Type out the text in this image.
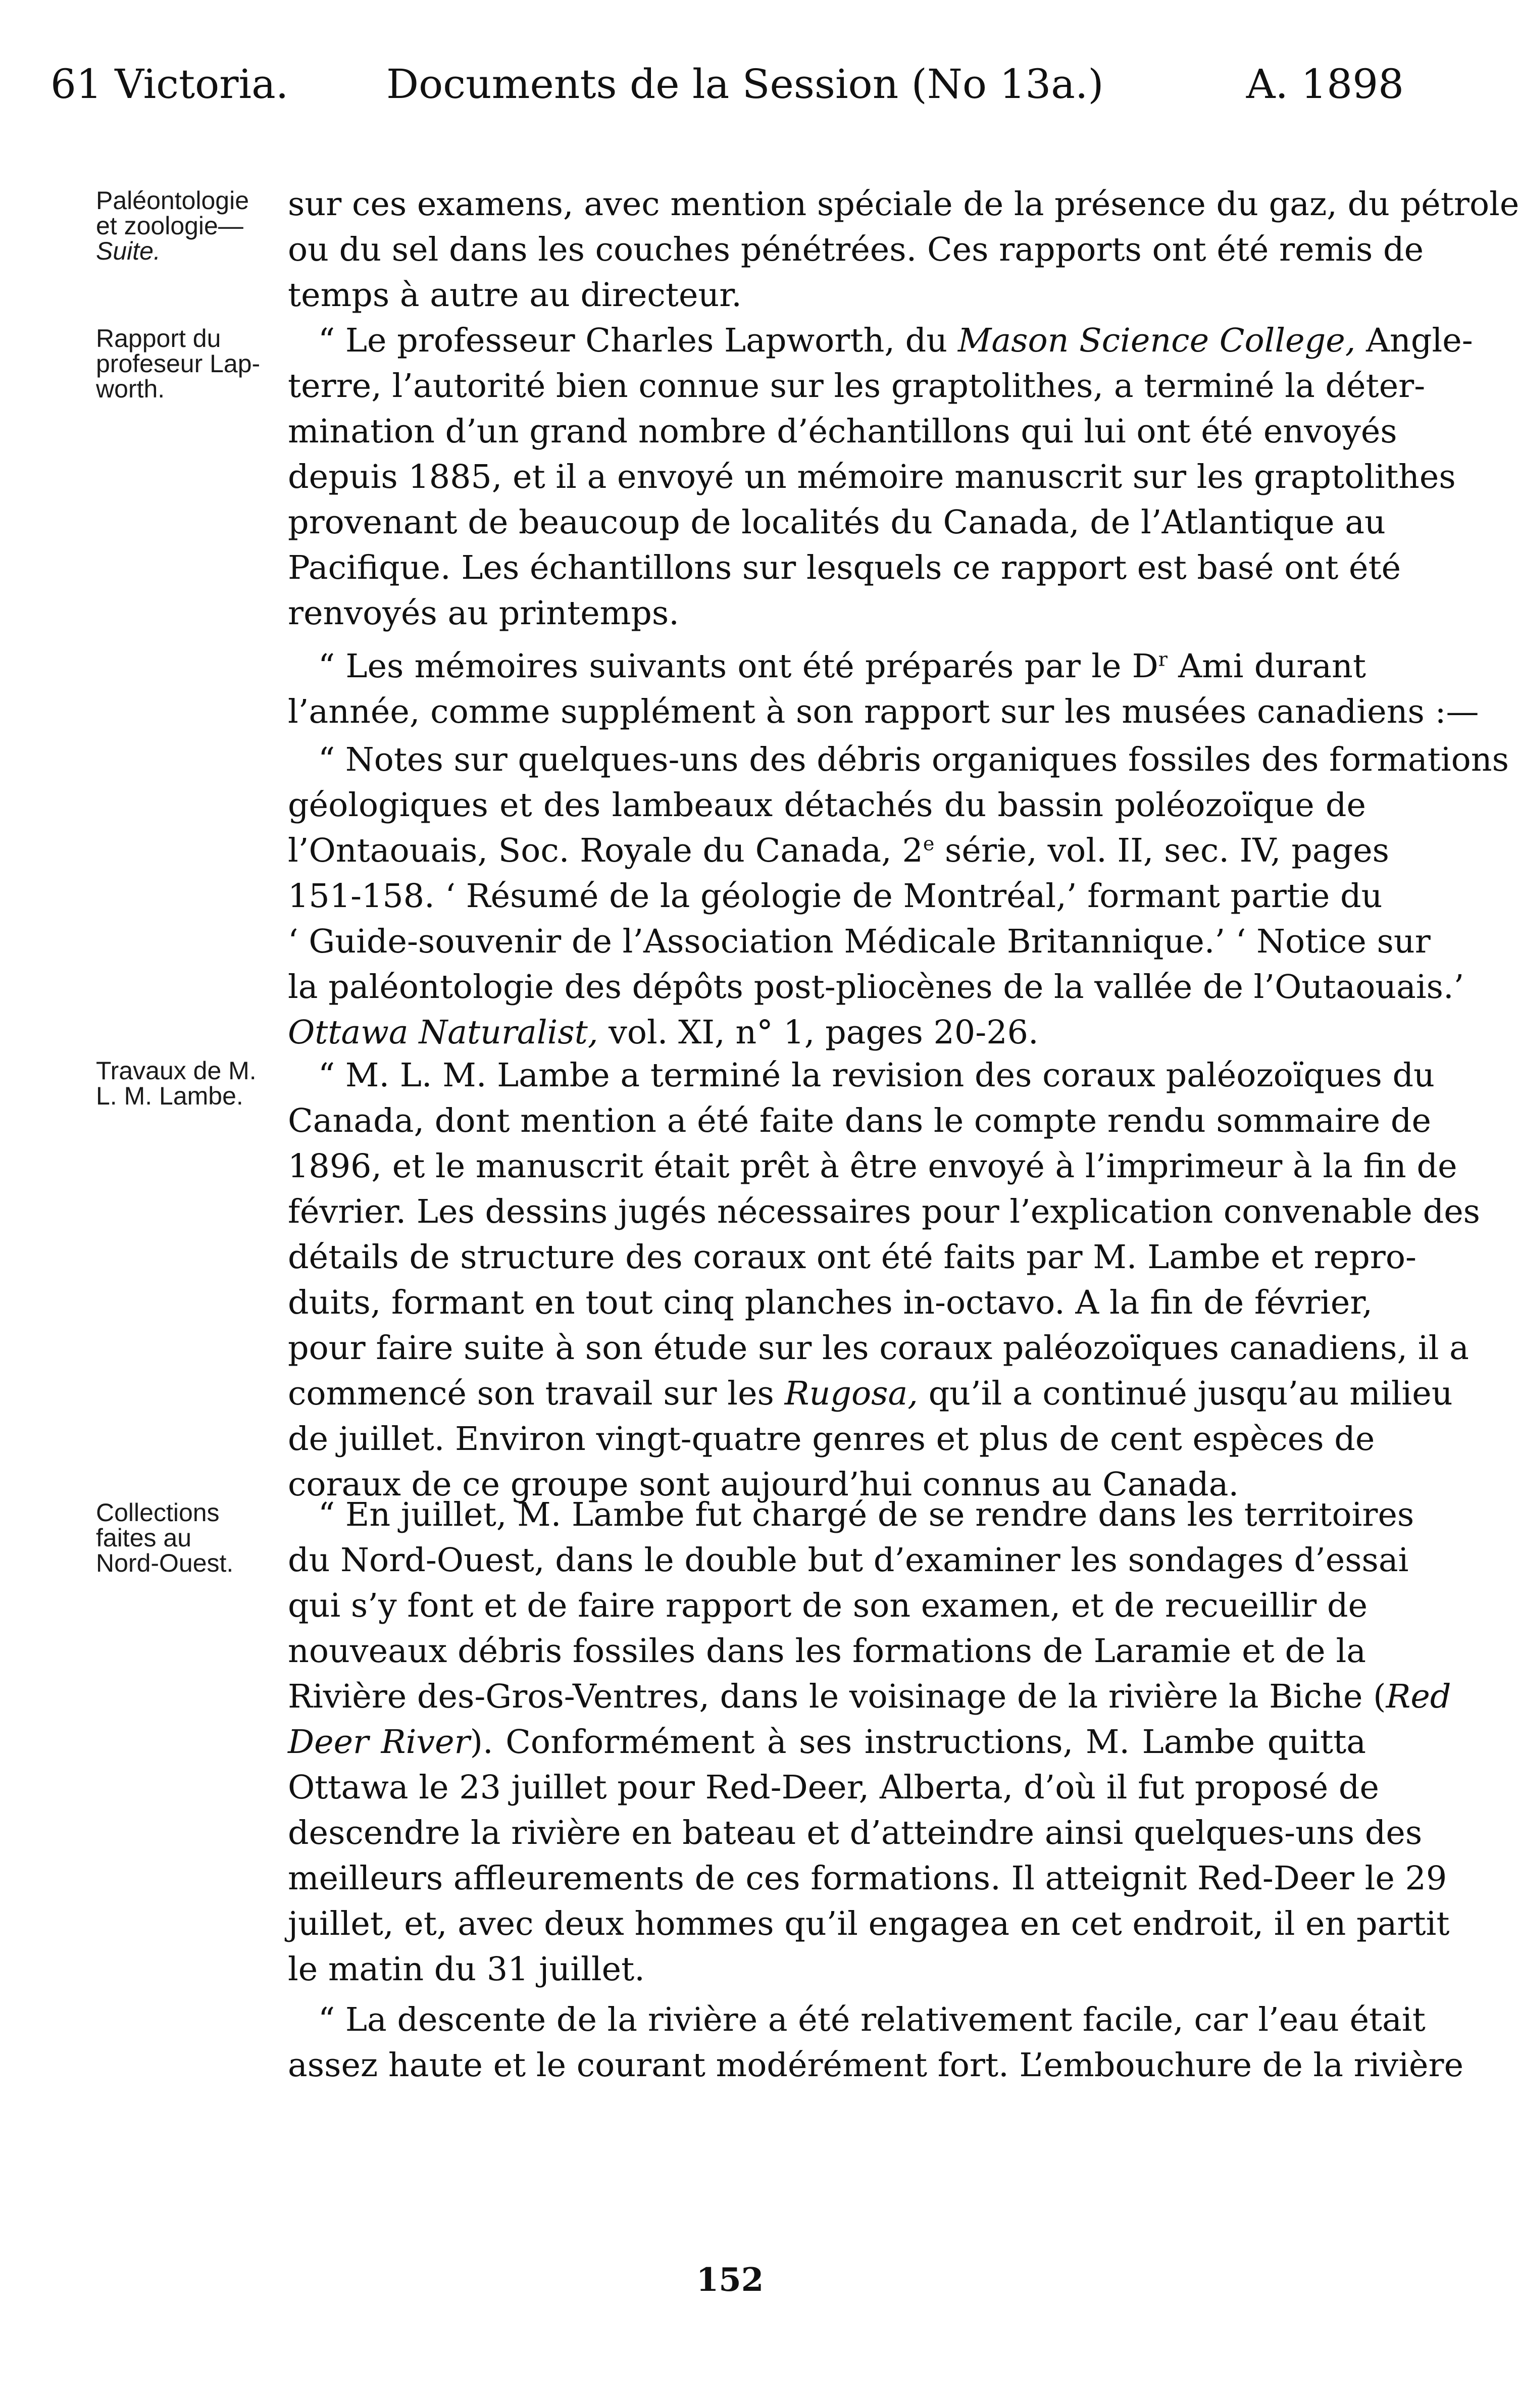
61 Victoria. Documents de la Session (No 13a.)	A. 1898
Paléontologie
et zoologie—
Suite.
Rapport du
profeseur Lap-
worth.
Travaux de M.
L. M. Lambe.
Collections
faites au
Nord-Ouest.
sur ces examens, avec mention spéciale de la présence du gaz, du pétrole
ou du sel dans les couches pénétrées. Ces rapports ont été remis de
temps à autre au directeur.
“ Le professeur Charles Lapworth, du Mason Science College, Angle-
terre, l’autorité bien connue sur les graptolithes, a terminé la déter-
mination d’un grand nombre d’échantillons qui lui ont été envoyés
depuis 1885, et il a envoyé un mémoire manuscrit sur les graptolithes
provenant de beaucoup de localités du Canada, de l’Atlantique au
Pacifique. Les échantillons sur lesquels ce rapport est basé ont été
renvoyés au printemps.
“ Les mémoires suivants ont été préparés par le $D^r$ Ami durant
l’année, comme supplément à son rapport sur les musées canadiens :—
“ Notes sur quelques-uns des débris organiques fossiles des formations
géologiques et des lambeaux détachés du bassin poléozoïque de
l’Ontaouais, Soc. Royale du Canada, 2e série, vol. II, sec. IV, pages
151-158. ‘ Résumé de la géologie de Montréal,’ formant partie du
‘ Guide-souvenir de l’Association Médicale Britannique.’ ‘ Notice sur
la paléontologie des dépôts post-pliocènes de la vallée de l’Outaouais.’
Ottawa Naturalist, vol. XI, n° 1, pages 20-26.
“ M. L. M. Lambe a terminé la revision des coraux paléozoïques du
Canada, dont mention a été faite dans le compte rendu sommaire de
1896, et le manuscrit était prêt à être envoyé à l’imprimeur à la fin de
février. Les dessins jugés nécessaires pour l’explication convenable des
détails de structure des coraux ont été faits par M. Lambe et repro-
duits, formant en tout cinq planches in-octavo. A la fin de février,
pour faire suite à son étude sur les coraux paléozoïques canadiens, il a
commencé son travail sur les Rugosa, qu’il a continué jusqu’au milieu
de juillet. Environ vingt-quatre genres et plus de cent espèces de
coraux de ce groupe sont aujourd’hui connus au Canada.
“ En juillet, M. Lambe fut chargé de se rendre dans les territoires
du Nord-Ouest, dans le double but d’examiner les sondages d’essai
qui s’y font et de faire rapport de son examen, et de recueillir de
nouveaux débris fossiles dans les formations de Laramie et de la
Rivière des-Gros-Ventres, dans le voisinage de la rivière la Biche (Red
Deer River). Conformément à ses instructions, M. Lambe quitta
Ottawa le 23 juillet pour Red-Deer, Alberta, d’où il fut proposé de
descendre la rivière en bateau et d’atteindre ainsi quelques-uns des
meilleurs affleurements de ces formations. Il atteignit Red-Deer le 29
juillet, et, avec deux hommes qu’il engagea en cet endroit, il en partit
le matin du 31 juillet.
“ La descente de la rivière a été relativement facile, car l’eau était
assez haute et le courant modérément fort. L’embouchure de la rivière
152
